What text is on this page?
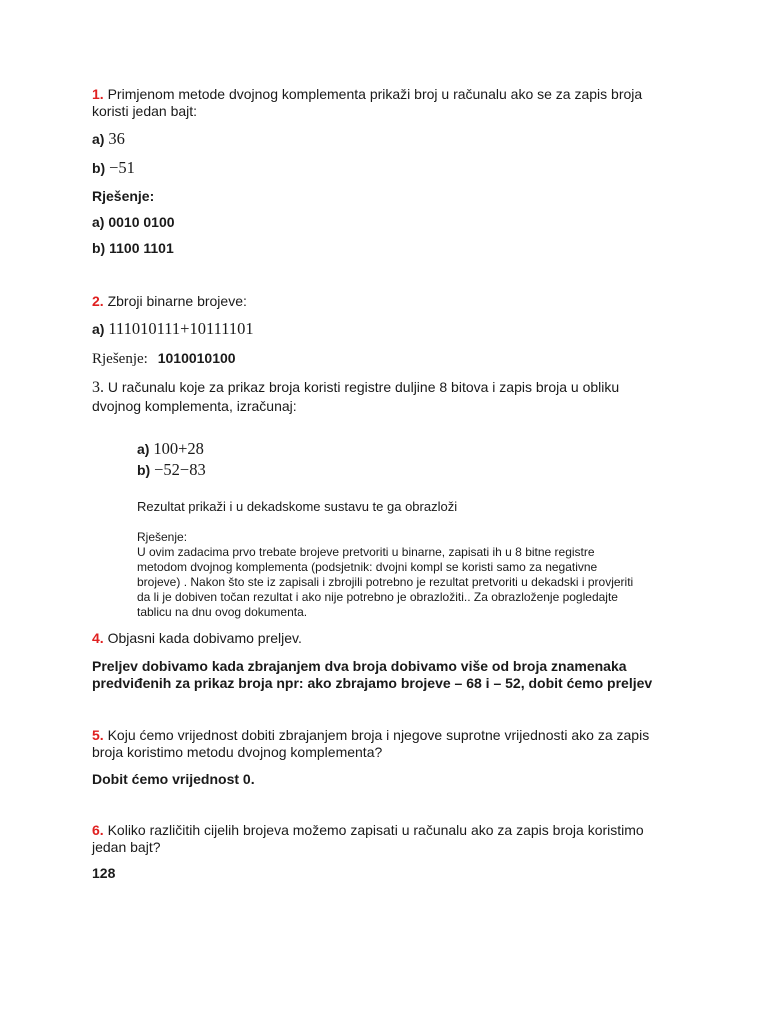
1. Primjenom metode dvojnog komplementa prikaži broj u računalu ako se za zapis broja
koristi jedan bajt:
a) 36
b) −51
Rješenje:
a) 0010 0100
b) 1100 1101
2. Zbroji binarne brojeve:
a) 111010111+10111101
Rješenje: 1010010100
3. U računalu koje za prikaz broja koristi registre duljine 8 bitova i zapis broja u obliku
dvojnog komplementa, izračunaj:
a) 100+28
b) −52−83
Rezultat prikaži i u dekadskome sustavu te ga obrazloži
Rješenje:
U ovim zadacima prvo trebate brojeve pretvoriti u binarne, zapisati ih u 8 bitne registre
metodom dvojnog komplementa (podsjetnik: dvojni kompl se koristi samo za negativne
brojeve) . Nakon što ste iz zapisali i zbrojili potrebno je rezultat pretvoriti u dekadski i provjeriti
da li je dobiven točan rezultat i ako nije potrebno je obrazložiti.. Za obrazloženje pogledajte
tablicu na dnu ovog dokumenta.
4. Objasni kada dobivamo preljev.
Preljev dobivamo kada zbrajanjem dva broja dobivamo više od broja znamenaka
predviđenih za prikaz broja npr: ako zbrajamo brojeve – 68 i – 52, dobit ćemo preljev
5. Koju ćemo vrijednost dobiti zbrajanjem broja i njegove suprotne vrijednosti ako za zapis
broja koristimo metodu dvojnog komplementa?
Dobit ćemo vrijednost 0.
6. Koliko različitih cijelih brojeva možemo zapisati u računalu ako za zapis broja koristimo
jedan bajt?
128
